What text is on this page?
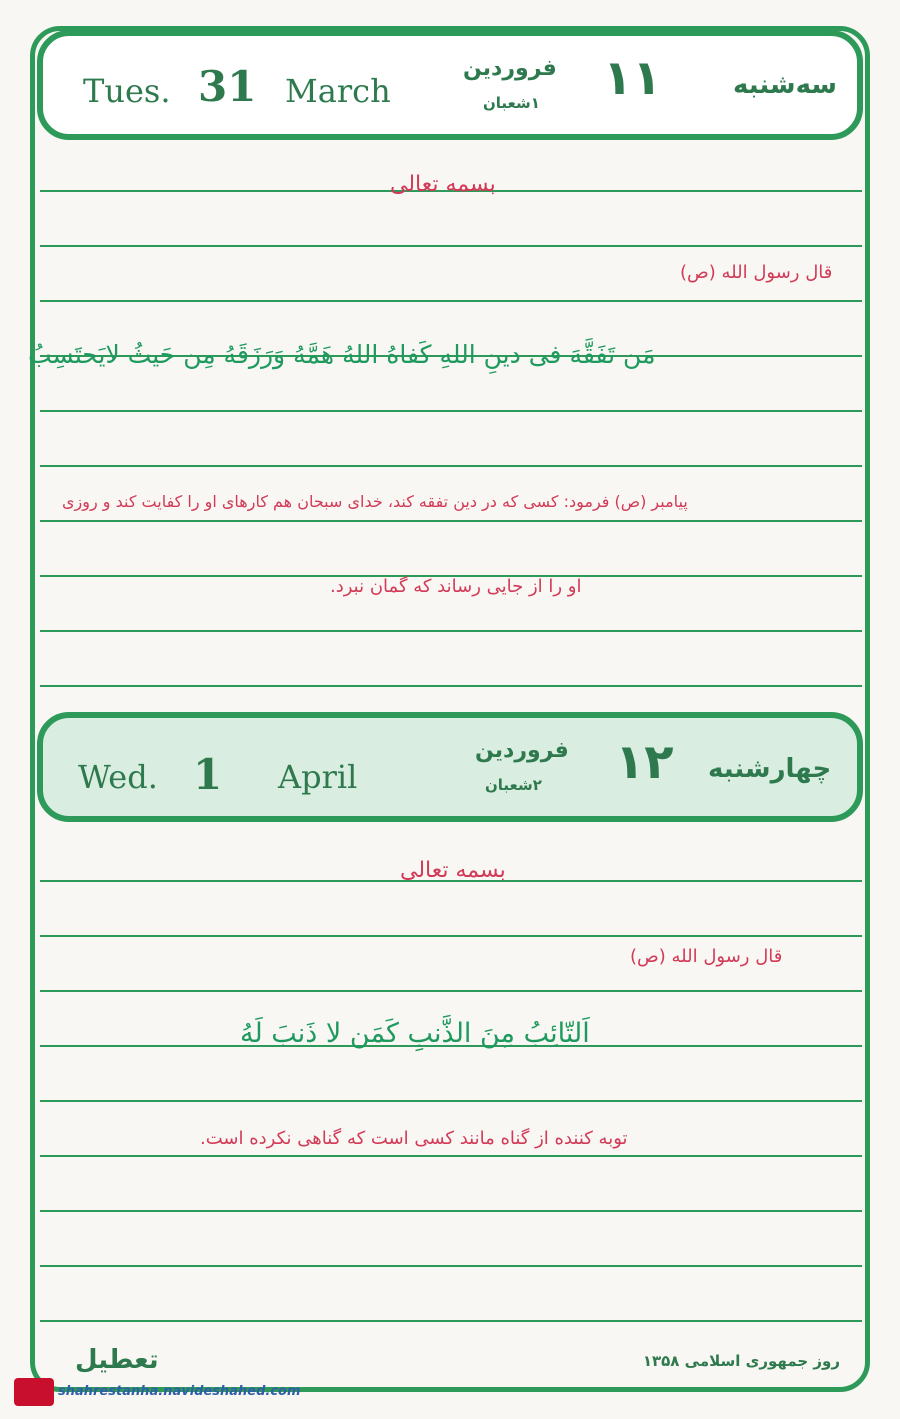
Tues. 31 March
فروردین
۱شعبان ۱۱	سه‌شنبه
بسمه تعالی
قال رسول الله (ص)
مَن تَفَقَّهَ فی دینِ اللهِ کَفاهُ اللهُ هَمَّهُ وَرَزَقَهُ مِن حَیثُ لایَحتَسِبُ
پیامبر (ص) فرمود: کسی که در دین تفقه کند، خدای سبحان هم کارهای او را کفایت کند و روزی
او را از جایی رساند که گمان نبرد.
Wed. 1 April
فروردین
۲شعبان ۱۲ چهارشنبه
بسمه تعالی
قال رسول الله (ص)
اَلتّائِبُ مِنَ الذَّنبِ کَمَن لا ذَنبَ لَهُ
توبه کننده از گناه مانند کسی است که گناهی نکرده است.
تعطیل	روز جمهوری اسلامی ۱۳۵۸
shahrestanha.navideshahed.com
